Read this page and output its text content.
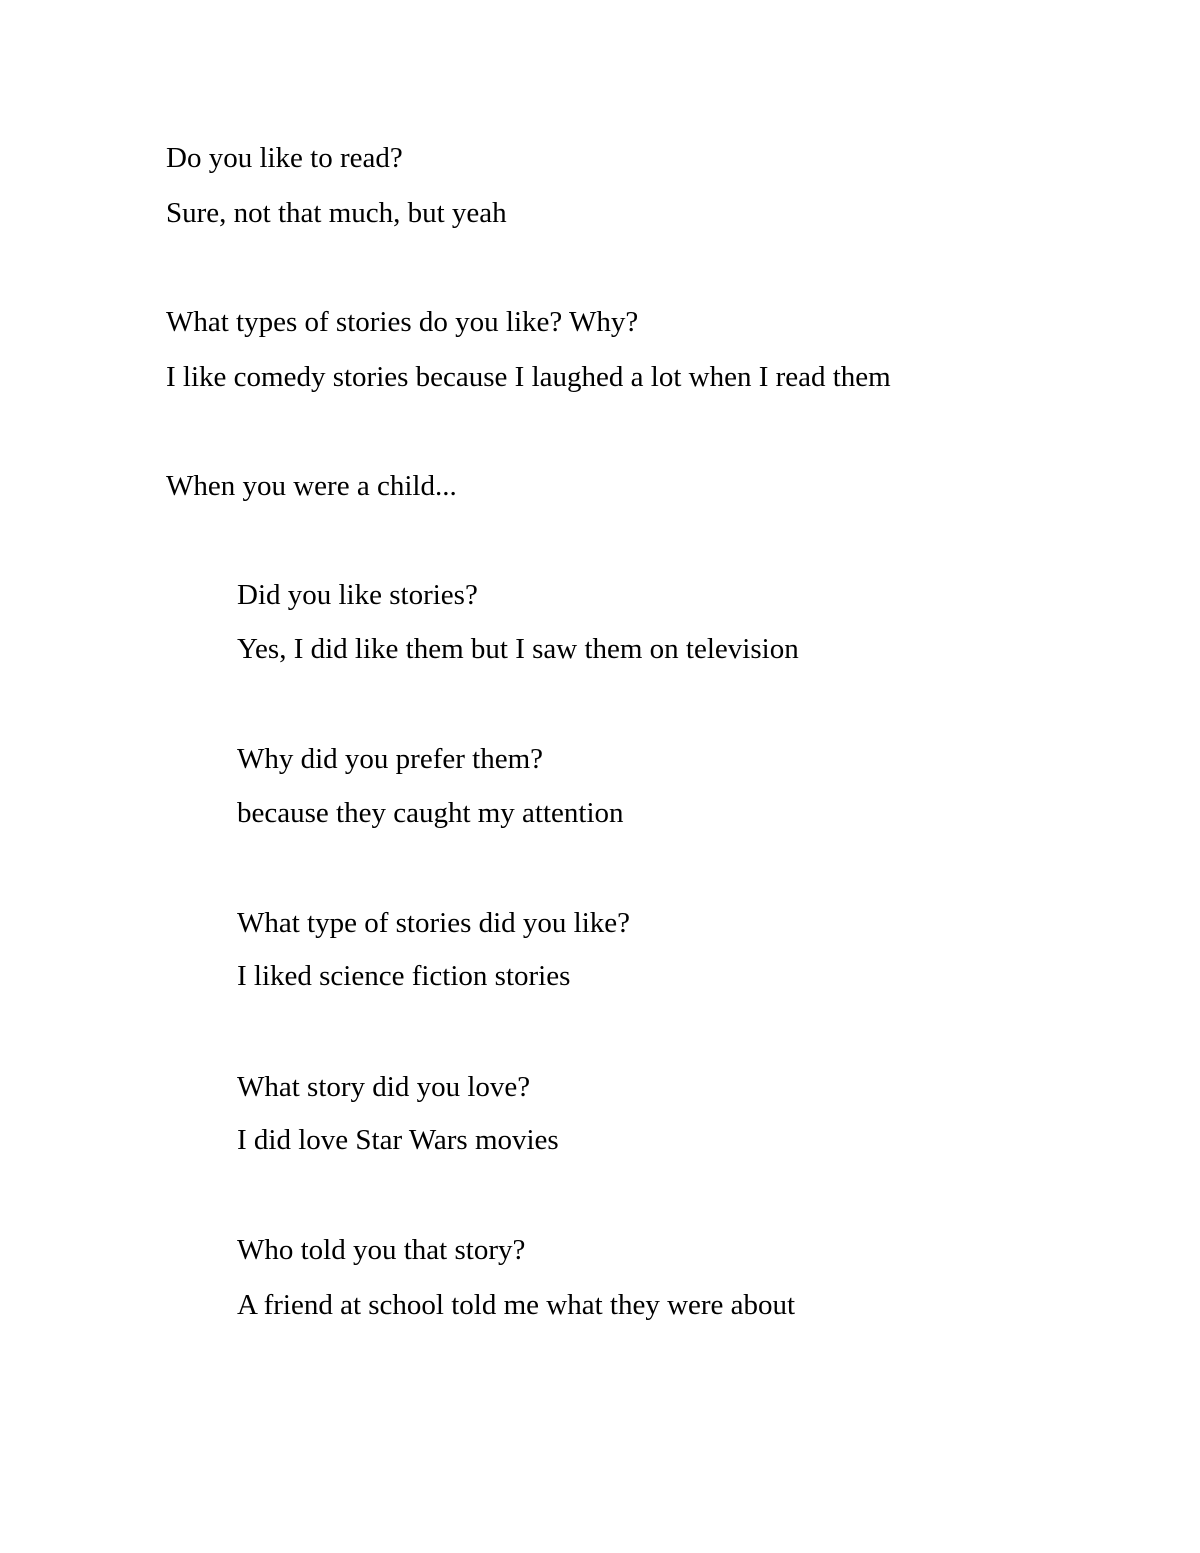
Do you like to read?

Sure, not that much, but yeah

What types of stories do you like? Why?

I like comedy stories because I laughed a lot when I read them

When you were a child...

Did you like stories?

Yes, I did like them but I saw them on television

Why did you prefer them?

because they caught my attention

What type of stories did you like?

I liked science fiction stories

What story did you love?

I did love Star Wars movies

Who told you that story?

A friend at school told me what they were about
